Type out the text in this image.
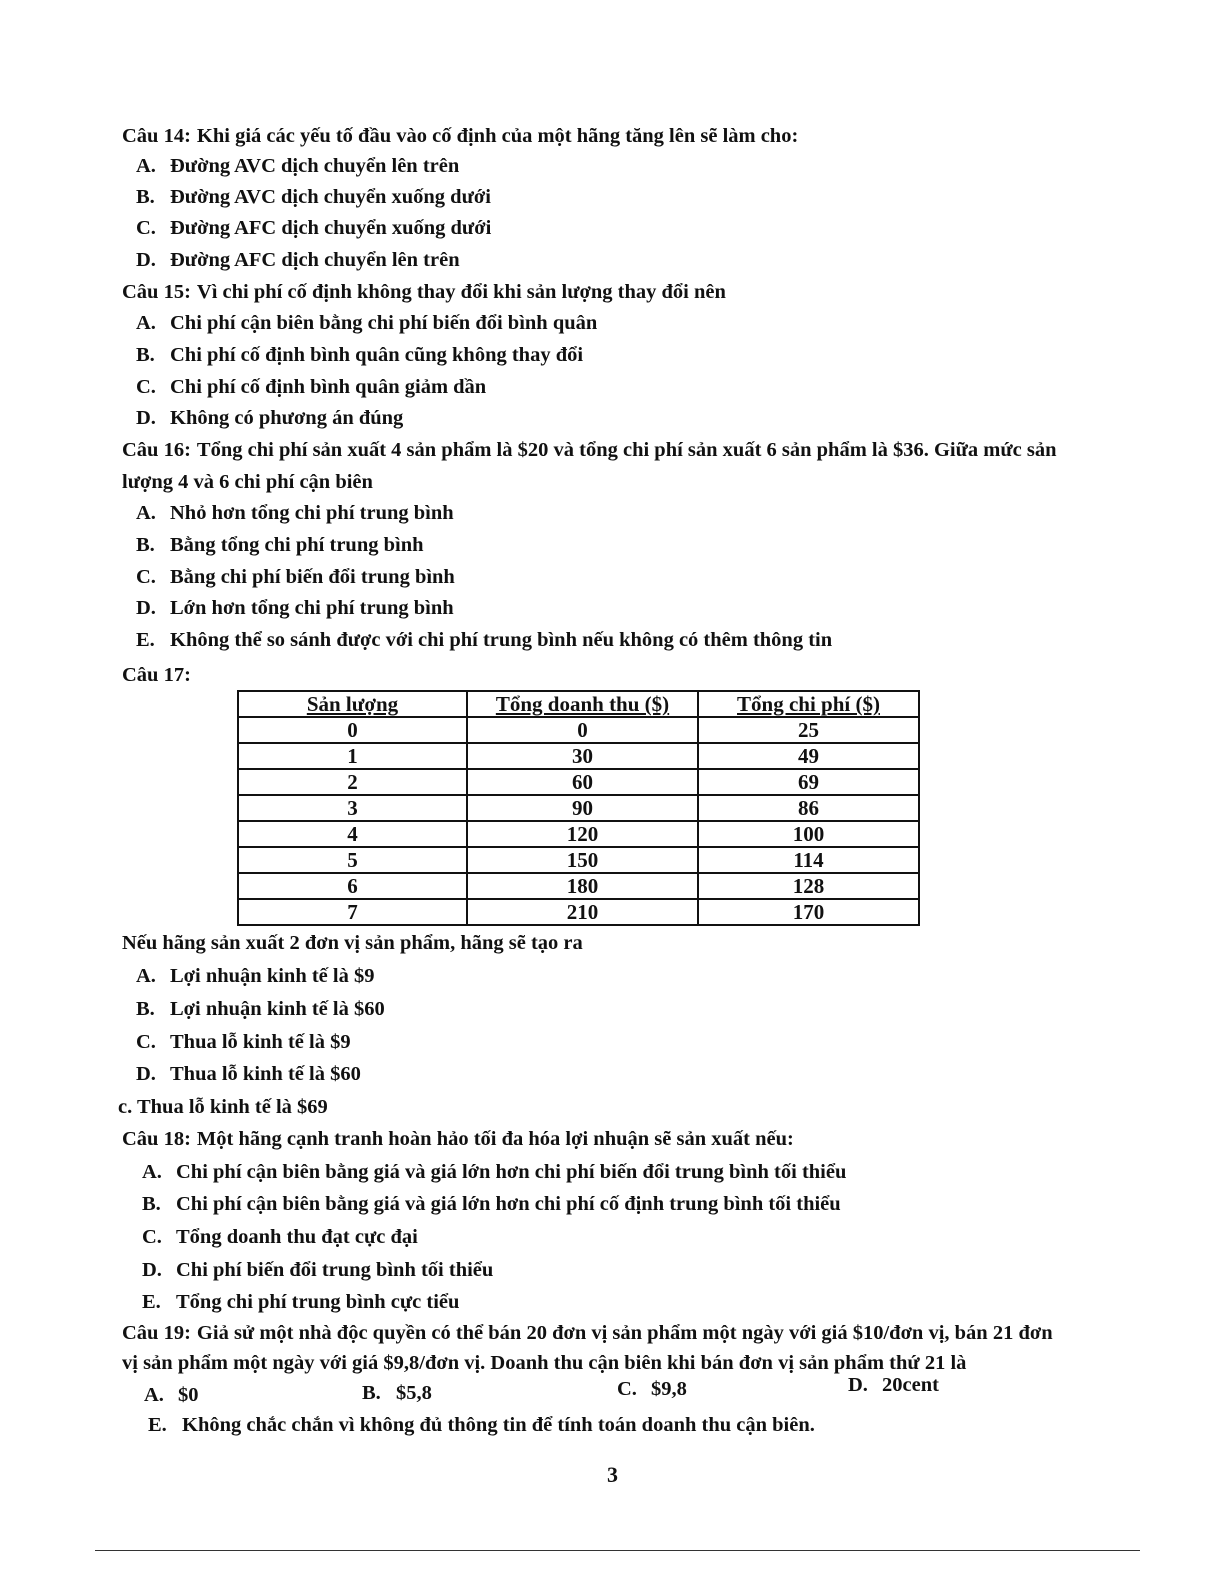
Câu 14: Khi giá các yếu tố đầu vào cố định của một hãng tăng lên sẽ làm cho:
A. Đường AVC dịch chuyển lên trên
B. Đường AVC dịch chuyển xuống dưới
C. Đường AFC dịch chuyển xuống dưới
D. Đường AFC dịch chuyển lên trên
Câu 15: Vì chi phí cố định không thay đổi khi sản lượng thay đổi nên
A. Chi phí cận biên bằng chi phí biến đổi bình quân
B. Chi phí cố định bình quân cũng không thay đổi
C. Chi phí cố định bình quân giảm dần
D. Không có phương án đúng
Câu 16: Tổng chi phí sản xuất 4 sản phẩm là $20 và tổng chi phí sản xuất 6 sản phẩm là $36. Giữa mức sản
lượng 4 và 6 chi phí cận biên
A. Nhỏ hơn tổng chi phí trung bình
B. Bằng tổng chi phí trung bình
C. Bằng chi phí biến đổi trung bình
D. Lớn hơn tổng chi phí trung bình
E. Không thể so sánh được với chi phí trung bình nếu không có thêm thông tin
Câu 17:
Sản lượng	Tổng doanh thu ($)	Tổng chi phí ($)
0	0	25
1	30	49
2	60	69
3	90	86
4	120	100
5	150	114
6	180	128
7	210	170
Nếu hãng sản xuất 2 đơn vị sản phẩm, hãng sẽ tạo ra
A. Lợi nhuận kinh tế là $9
B. Lợi nhuận kinh tế là $60
C. Thua lỗ kinh tế là $9
D. Thua lỗ kinh tế là $60
c. Thua lỗ kinh tế là $69
Câu 18: Một hãng cạnh tranh hoàn hảo tối đa hóa lợi nhuận sẽ sản xuất nếu:
A. Chi phí cận biên bằng giá và giá lớn hơn chi phí biến đổi trung bình tối thiểu
B. Chi phí cận biên bằng giá và giá lớn hơn chi phí cố định trung bình tối thiểu
C. Tổng doanh thu đạt cực đại
D. Chi phí biến đổi trung bình tối thiểu
E. Tổng chi phí trung bình cực tiểu
Câu 19: Giả sử một nhà độc quyền có thể bán 20 đơn vị sản phẩm một ngày với giá $10/đơn vị, bán 21 đơn
vị sản phẩm một ngày với giá $9,8/đơn vị. Doanh thu cận biên khi bán đơn vị sản phẩm thứ 21 là
A. $0	B. $5,8	C. $9,8	D. 20cent
E. Không chắc chắn vì không đủ thông tin để tính toán doanh thu cận biên.
3
